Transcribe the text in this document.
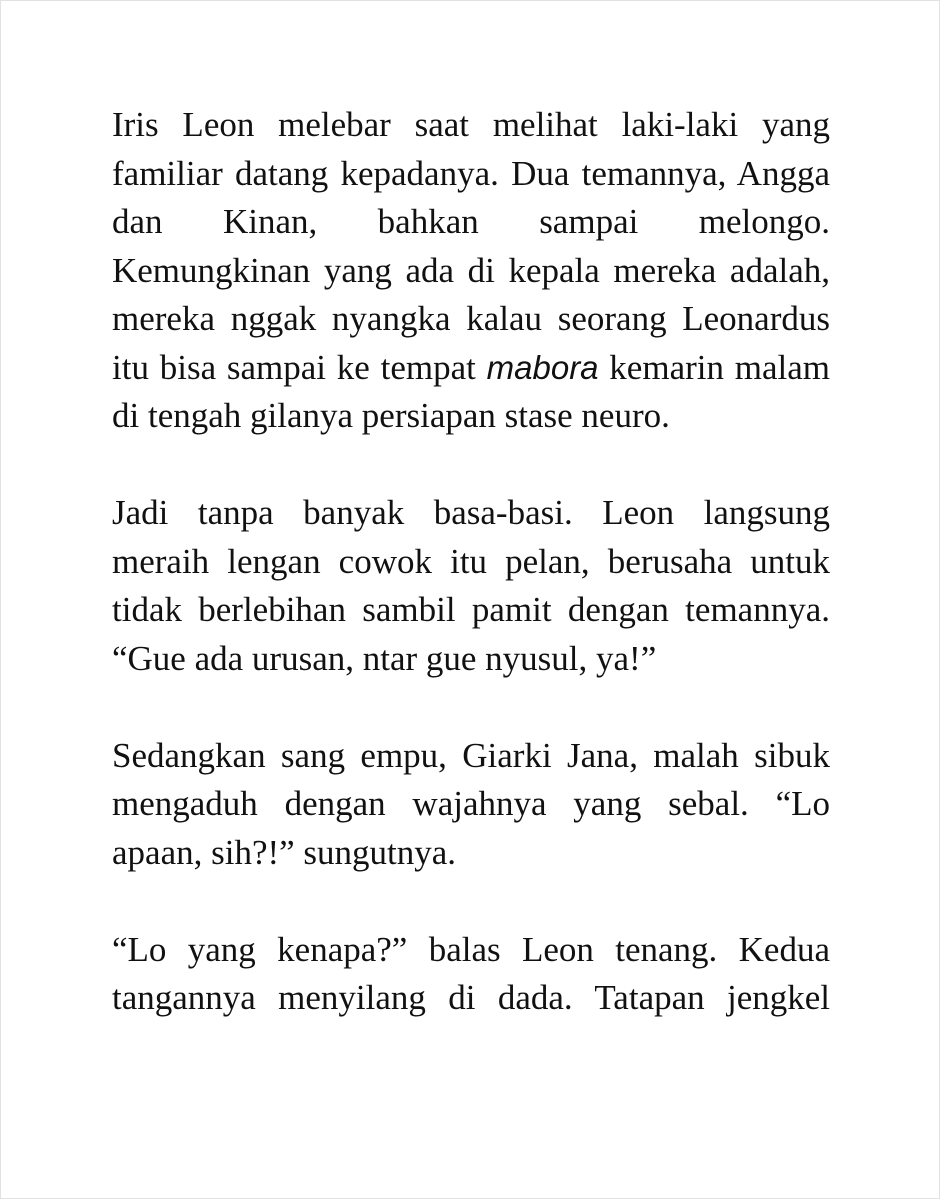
Iris Leon melebar saat melihat laki-laki yang familiar datang kepadanya. Dua temannya, Angga dan Kinan, bahkan sampai melongo. Kemungkinan yang ada di kepala mereka adalah, mereka nggak nyangka kalau seorang Leonardus itu bisa sampai ke tempat mabora kemarin malam di tengah gilanya persiapan stase neuro.

Jadi tanpa banyak basa-basi. Leon langsung meraih lengan cowok itu pelan, berusaha untuk tidak berlebihan sambil pamit dengan temannya. “Gue ada urusan, ntar gue nyusul, ya!”

Sedangkan sang empu, Giarki Jana, malah sibuk mengaduh dengan wajahnya yang sebal. “Lo apaan, sih?!” sungutnya.

“Lo yang kenapa?” balas Leon tenang. Kedua tangannya menyilang di dada. Tatapan jengkel
